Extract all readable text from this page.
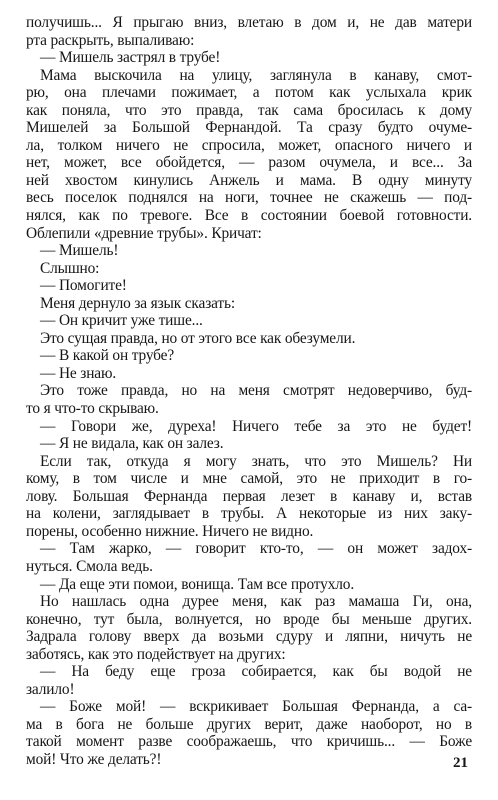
получишь... Я прыгаю вниз, влетаю в дом и, не дав матери
рта раскрыть, выпаливаю:
— Мишель застрял в трубе!
Мама выскочила на улицу, заглянула в канаву, смот-
рю, она плечами пожимает, а потом как услыхала крик
как поняла, что это правда, так сама бросилась к дому
Мишелей за Большой Фернандой. Та сразу будто очуме-
ла, толком ничего не спросила, может, опасного ничего и
нет, может, все обойдется, — разом очумела, и все... За
ней хвостом кинулись Анжель и мама. В одну минуту
весь поселок поднялся на ноги, точнее не скажешь — под-
нялся, как по тревоге. Все в состоянии боевой готовности.
Облепили «древние трубы». Кричат:
— Мишель!
Слышно:
— Помогите!
Меня дернуло за язык сказать:
— Он кричит уже тише...
Это сущая правда, но от этого все как обезумели.
— В какой он трубе?
— Не знаю.
Это тоже правда, но на меня смотрят недоверчиво, буд-
то я что-то скрываю.
— Говори же, дуреха! Ничего тебе за это не будет!
— Я не видала, как он залез.
Если так, откуда я могу знать, что это Мишель? Ни
кому, в том числе и мне самой, это не приходит в го-
лову. Большая Фернанда первая лезет в канаву и, встав
на колени, заглядывает в трубы. А некоторые из них заку-
порены, особенно нижние. Ничего не видно.
— Там жарко, — говорит кто-то, — он может задох-
нуться. Смола ведь.
— Да еще эти помои, вонища. Там все протухло.
Но нашлась одна дурее меня, как раз мамаша Ги, она,
конечно, тут была, волнуется, но вроде бы меньше других.
Задрала голову вверх да возьми сдуру и ляпни, ничуть не
заботясь, как это подействует на других:
— На беду еще гроза собирается, как бы водой не
залило!
— Боже мой! — вскрикивает Большая Фернанда, а са-
ма в бога не больше других верит, даже наоборот, но в
такой момент разве соображаешь, что кричишь... — Боже
мой! Что же делать?!	21
